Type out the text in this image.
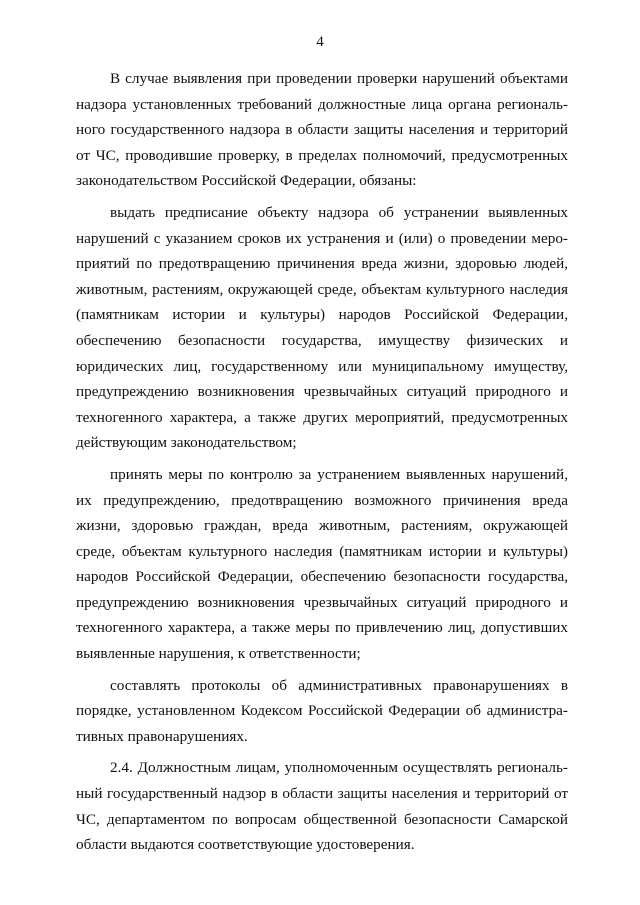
4

В случае выявления при проведении проверки нарушений объектами надзора установленных требований должностные лица органа региональ-ного государственного надзора в области защиты населения и территорий от ЧС, проводившие проверку, в пределах полномочий, предусмотренных законодательством Российской Федерации, обязаны:

выдать предписание объекту надзора об устранении выявленных нарушений с указанием сроков их устранения и (или) о проведении меро-приятий по предотвращению причинения вреда жизни, здоровью людей, животным, растениям, окружающей среде, объектам культурного наследия (памятникам истории и культуры) народов Российской Федерации, обеспечению безопасности государства, имуществу физических и юридических лиц, государственному или муниципальному имуществу, предупреждению возникновения чрезвычайных ситуаций природного и техногенного характера, а также других мероприятий, предусмотренных действующим законодательством;

принять меры по контролю за устранением выявленных нарушений, их предупреждению, предотвращению возможного причинения вреда жизни, здоровью граждан, вреда животным, растениям, окружающей среде, объектам культурного наследия (памятникам истории и культуры) народов Российской Федерации, обеспечению безопасности государства, предупреждению возникновения чрезвычайных ситуаций природного и техногенного характера, а также меры по привлечению лиц, допустивших выявленные нарушения, к ответственности;

составлять протоколы об административных правонарушениях в порядке, установленном Кодексом Российской Федерации об администра-тивных правонарушениях.

2.4. Должностным лицам, уполномоченным осуществлять региональ-ный государственный надзор в области защиты населения и территорий от ЧС, департаментом по вопросам общественной безопасности Самарской области выдаются соответствующие удостоверения.
